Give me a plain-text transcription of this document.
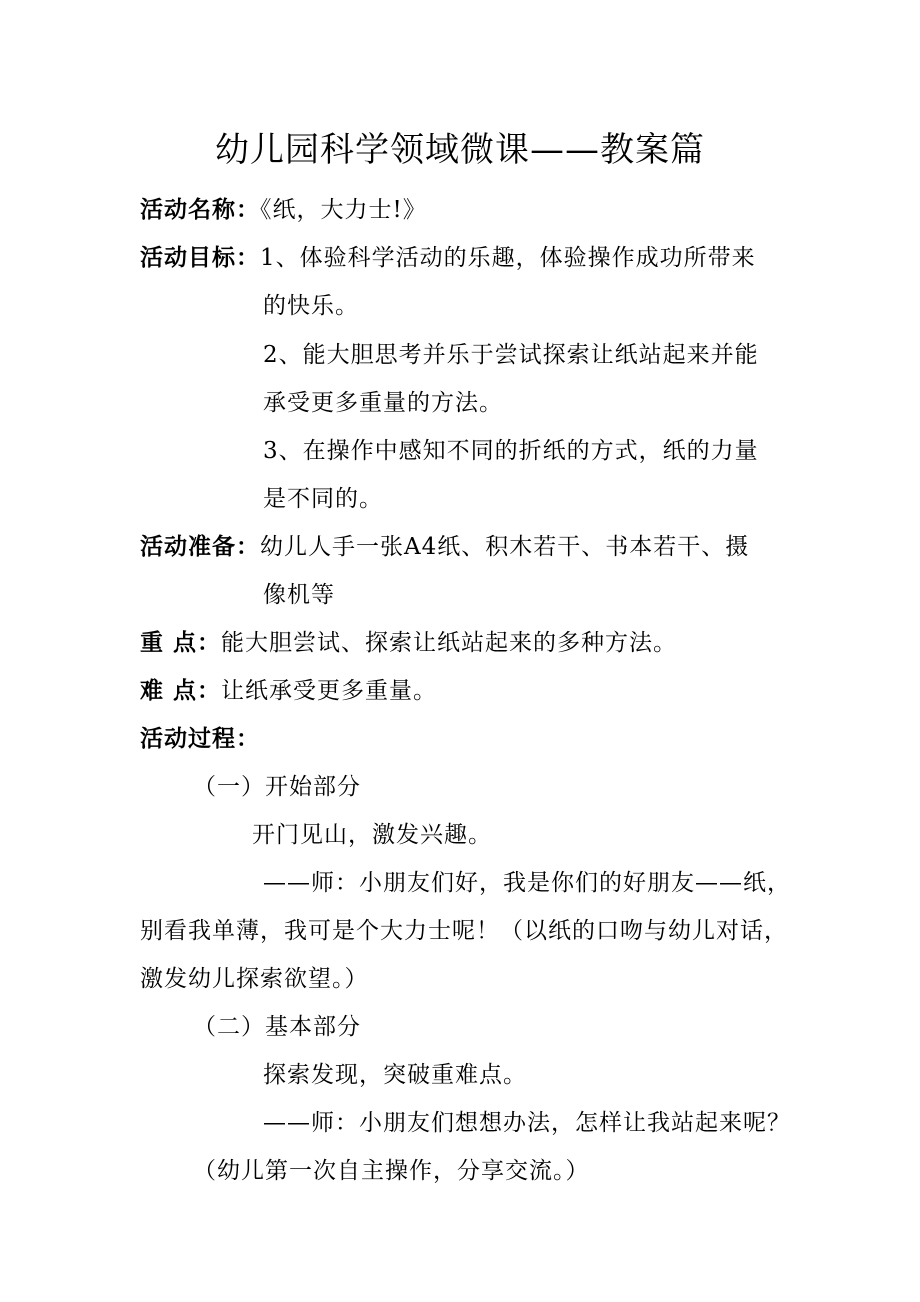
幼儿园科学领域微课——教案篇
活动名称：《纸，大力士!》
活动目标：1、体验科学活动的乐趣，体验操作成功所带来
的快乐。
2、能大胆思考并乐于尝试探索让纸站起来并能
承受更多重量的方法。
3、在操作中感知不同的折纸的方式，纸的力量
是不同的。
活动准备：幼儿人手一张A4纸、积木若干、书本若干、摄
像机等
重 点：能大胆尝试、探索让纸站起来的多种方法。
难 点：让纸承受更多重量。
活动过程：
（一）开始部分
开门见山，激发兴趣。
——师：小朋友们好，我是你们的好朋友——纸，
别看我单薄，我可是个大力士呢！（以纸的口吻与幼儿对话，
激发幼儿探索欲望。）
（二）基本部分
探索发现，突破重难点。
——师：小朋友们想想办法，怎样让我站起来呢？
（幼儿第一次自主操作，分享交流。）
